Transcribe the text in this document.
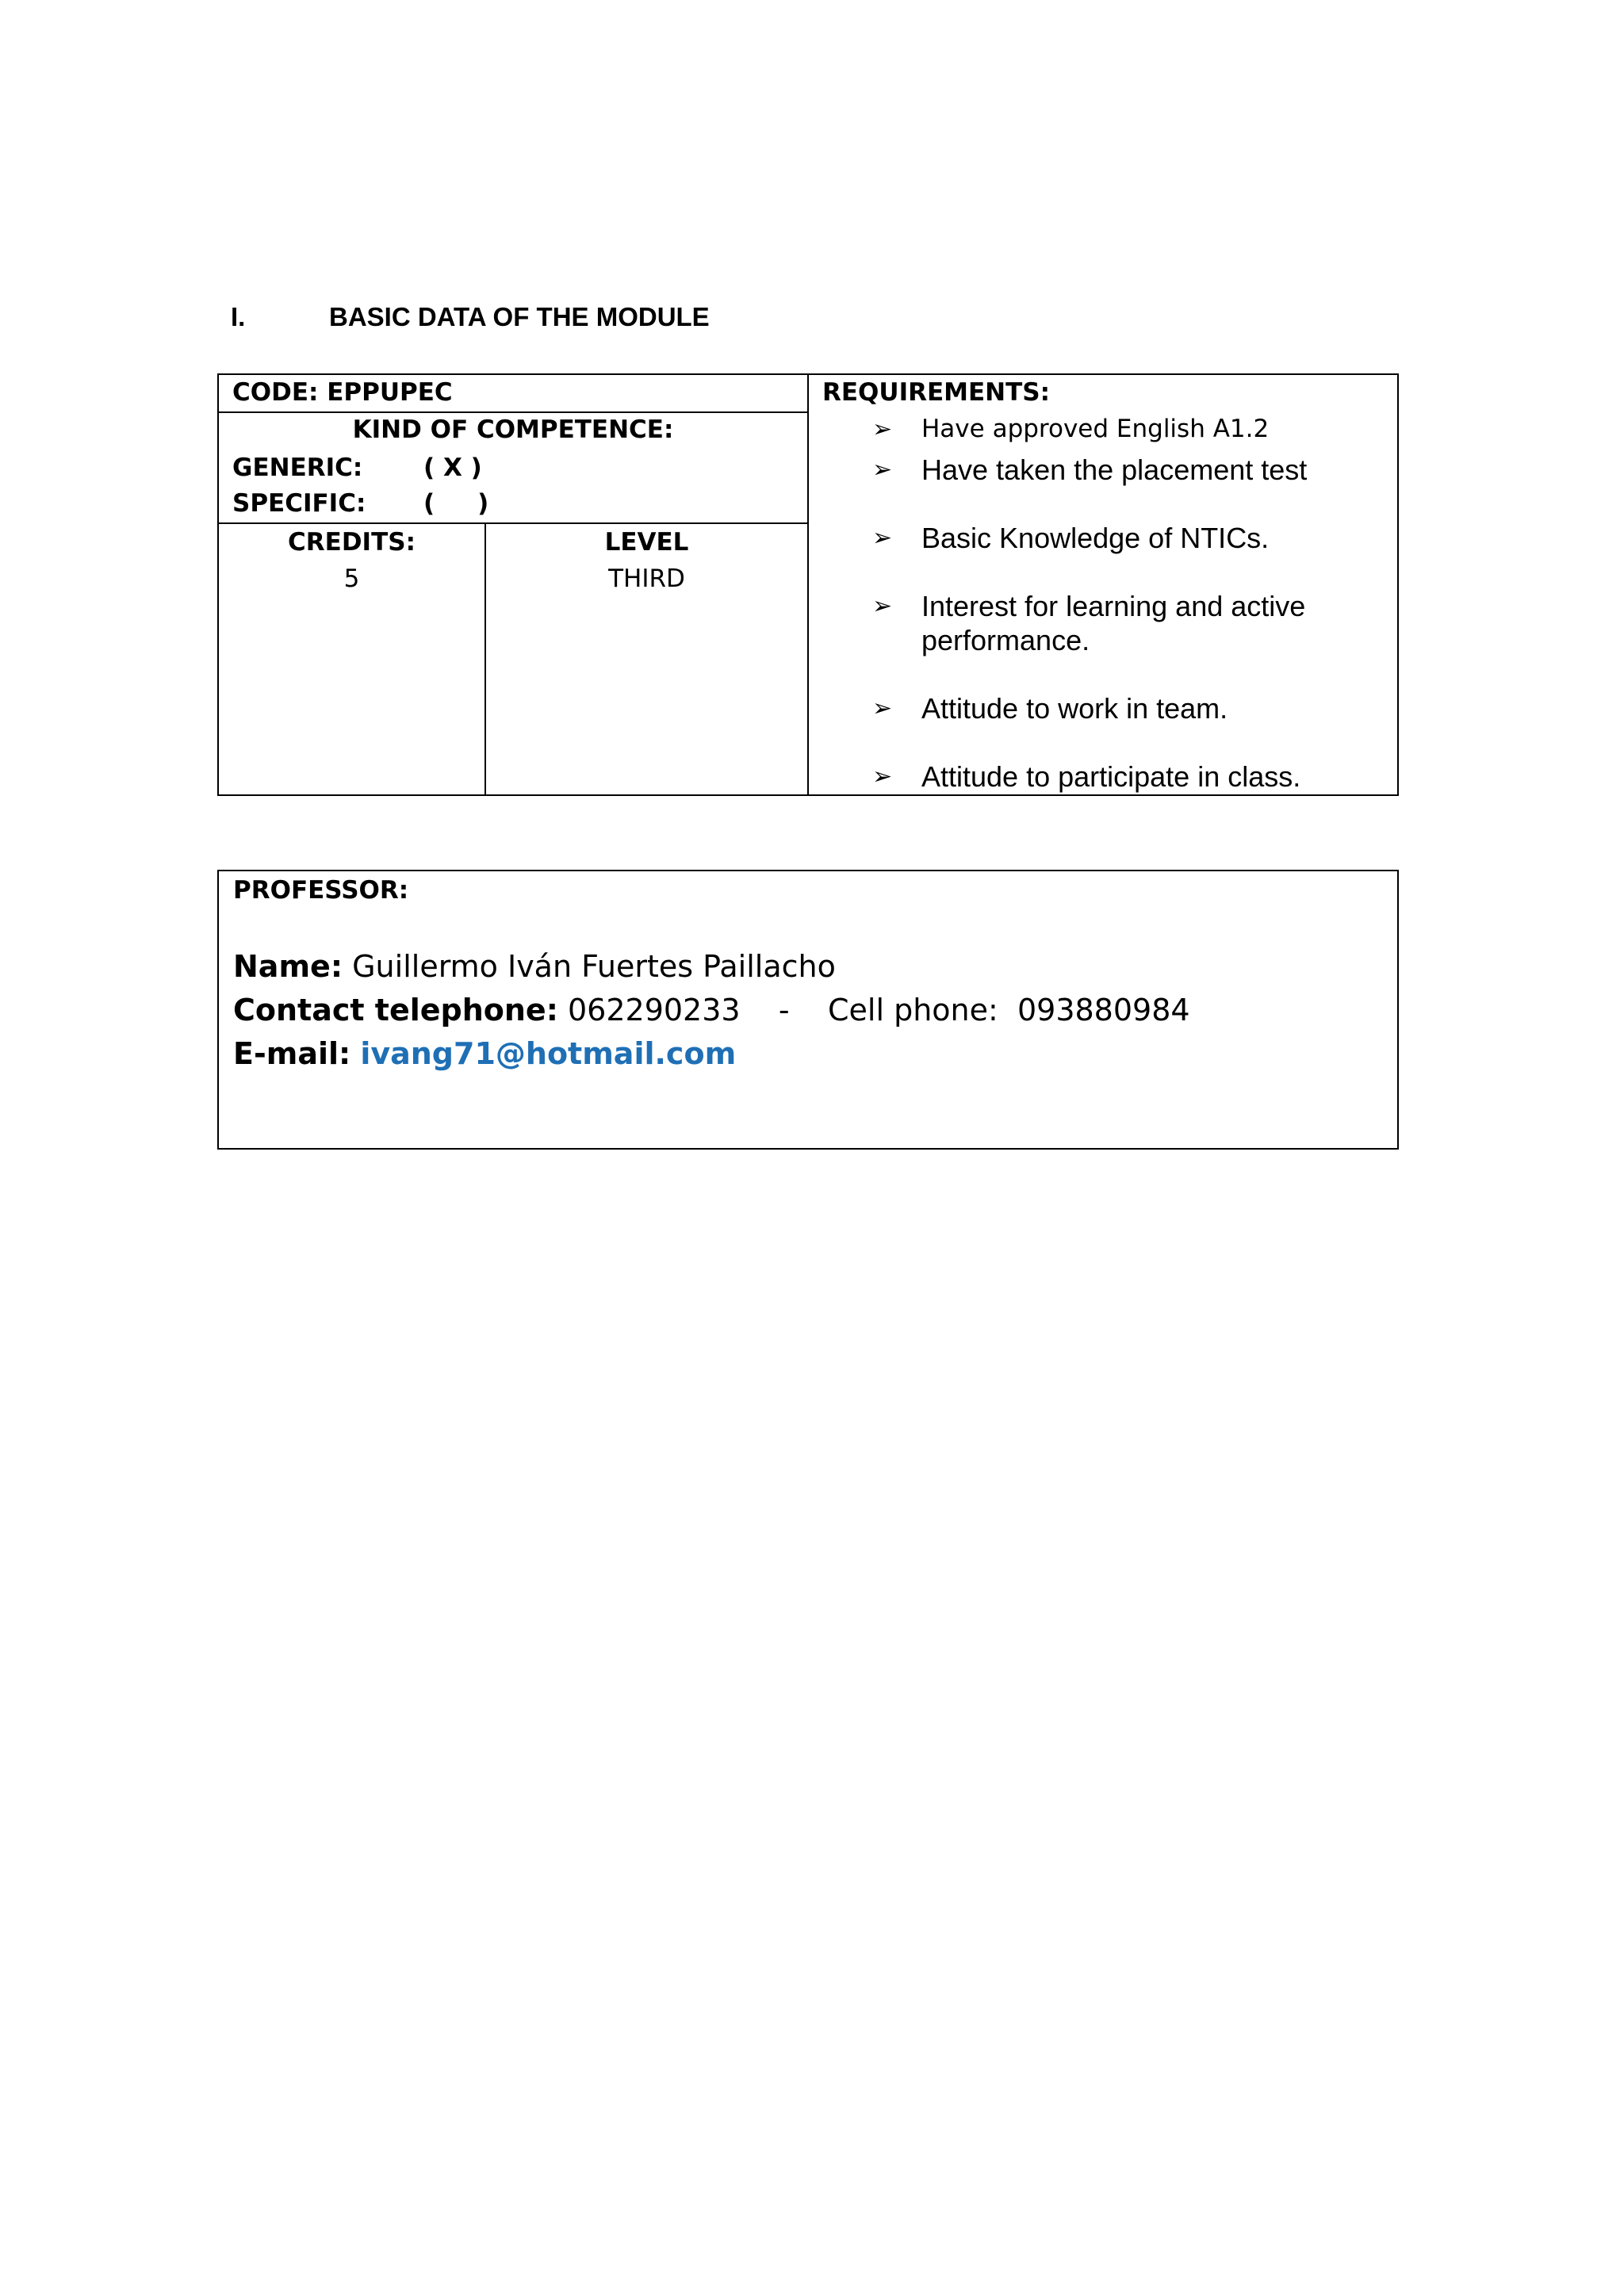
I.	BASIC DATA OF THE MODULE
CODE: EPPUPEC
KIND OF COMPETENCE:
GENERIC: ( X )
SPECIFIC: (     )
CREDITS:
5
LEVEL
THIRD
REQUIREMENTS:
➢ Have approved English A1.2
➢ Have taken the placement test
➢ Basic Knowledge of NTICs.
➢ Interest for learning and active performance.
➢ Attitude to work in team.
➢ Attitude to participate in class.
PROFESSOR:
Name: Guillermo Iván Fuertes Paillacho
Contact telephone: 062290233 - Cell phone: 093880984
E-mail: ivang71@hotmail.com
